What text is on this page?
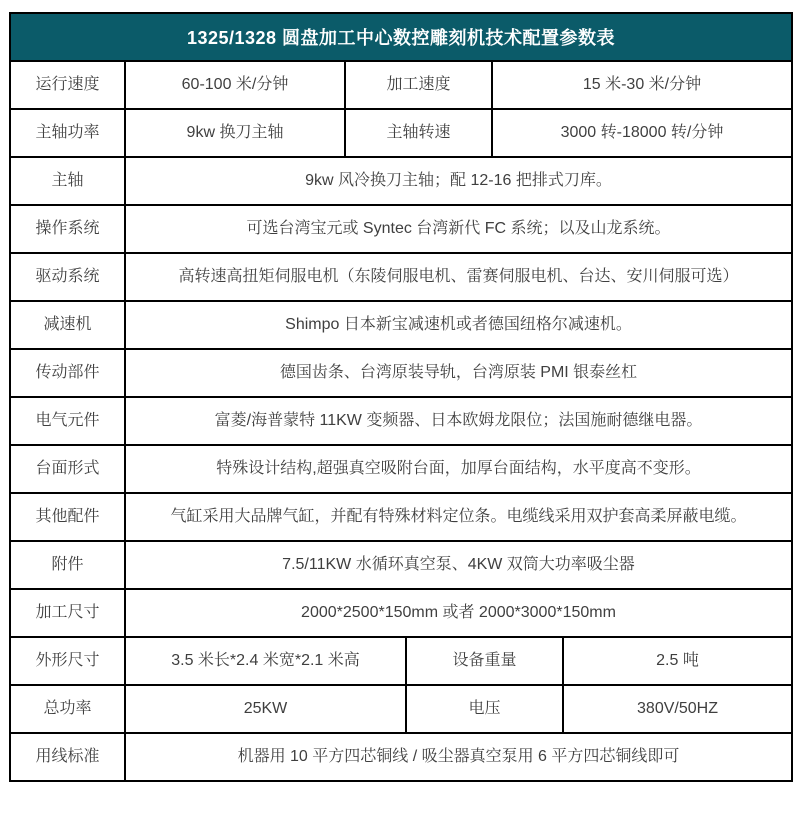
1325/1328 圆盘加工中心数控雕刻机技术配置参数表
运行速度	60-100 米/分钟	加工速度	15 米-30 米/分钟
主轴功率	9kw 换刀主轴	主轴转速	3000 转-18000 转/分钟
主轴	9kw 风冷换刀主轴；配 12-16 把排式刀库。
操作系统	可选台湾宝元或 Syntec 台湾新代 FC 系统；以及山龙系统。
驱动系统	高转速高扭矩伺服电机（东陵伺服电机、雷赛伺服电机、台达、安川伺服可选）
减速机	Shimpo 日本新宝减速机或者德国纽格尔减速机。
传动部件	德国齿条、台湾原装导轨，台湾原装 PMI 银泰丝杠
电气元件	富菱/海普蒙特 11KW 变频器、日本欧姆龙限位；法国施耐德继电器。
台面形式	特殊设计结构,超强真空吸附台面，加厚台面结构，水平度高不变形。
其他配件	气缸采用大品牌气缸，并配有特殊材料定位条。电缆线采用双护套高柔屏蔽电缆。
附件	7.5/11KW 水循环真空泵、4KW 双筒大功率吸尘器
加工尺寸	2000*2500*150mm 或者 2000*3000*150mm
外形尺寸	3.5 米长*2.4 米宽*2.1 米高	设备重量	2.5 吨
总功率	25KW	电压	380V/50HZ
用线标准	机器用 10 平方四芯铜线 / 吸尘器真空泵用 6 平方四芯铜线即可
